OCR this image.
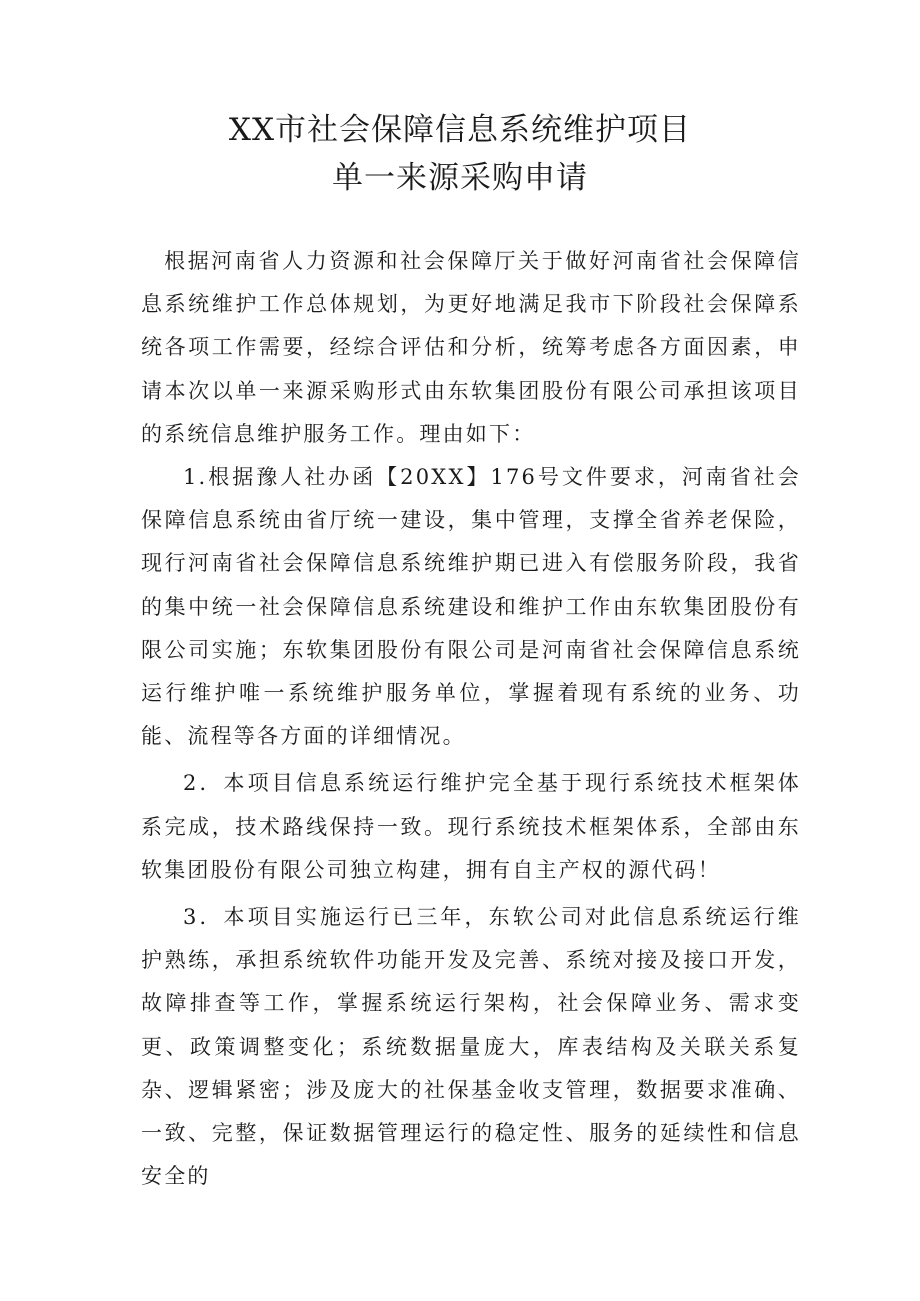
XX市社会保障信息系统维护项目
单一来源采购申请

根据河南省人力资源和社会保障厅关于做好河南省社会保障信息系统维护工作总体规划，为更好地满足我市下阶段社会保障系统各项工作需要，经综合评估和分析，统筹考虑各方面因素，申请本次以单一来源采购形式由东软集团股份有限公司承担该项目的系统信息维护服务工作。理由如下：

1.根据豫人社办函【20XX】176号文件要求，河南省社会保障信息系统由省厅统一建设，集中管理，支撑全省养老保险，现行河南省社会保障信息系统维护期已进入有偿服务阶段，我省的集中统一社会保障信息系统建设和维护工作由东软集团股份有限公司实施；东软集团股份有限公司是河南省社会保障信息系统运行维护唯一系统维护服务单位，掌握着现有系统的业务、功能、流程等各方面的详细情况。

2．本项目信息系统运行维护完全基于现行系统技术框架体系完成，技术路线保持一致。现行系统技术框架体系，全部由东软集团股份有限公司独立构建，拥有自主产权的源代码！

3．本项目实施运行已三年，东软公司对此信息系统运行维护熟练，承担系统软件功能开发及完善、系统对接及接口开发，故障排查等工作，掌握系统运行架构，社会保障业务、需求变更、政策调整变化；系统数据量庞大，库表结构及关联关系复杂、逻辑紧密；涉及庞大的社保基金收支管理，数据要求准确、一致、完整，保证数据管理运行的稳定性、服务的延续性和信息安全的
